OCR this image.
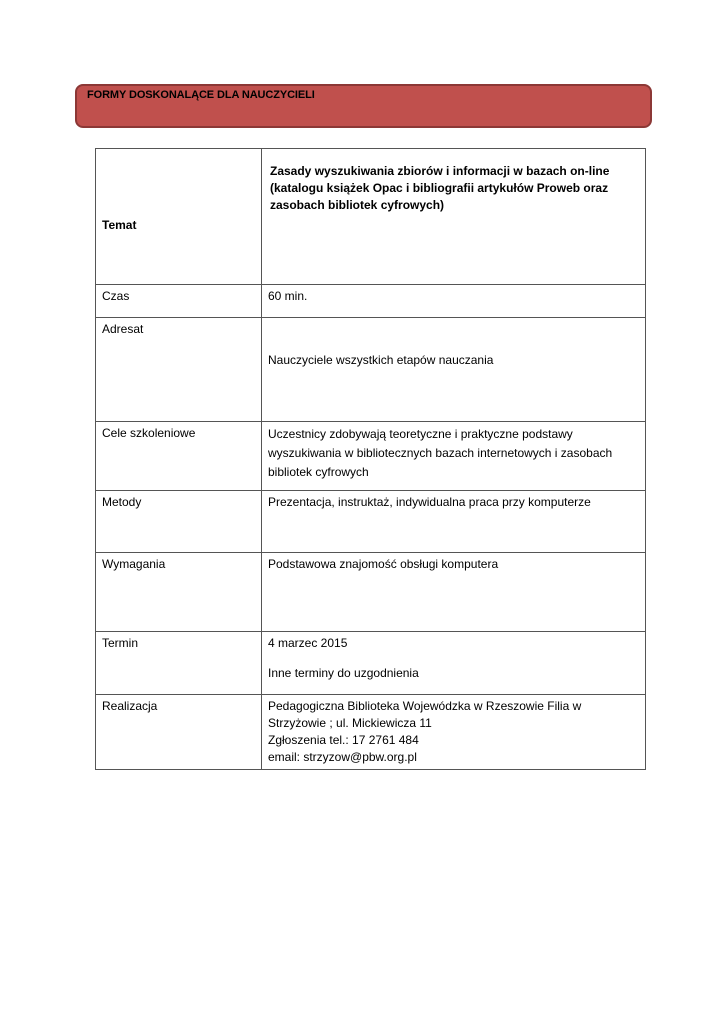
FORMY DOSKONALĄCE DLA NAUCZYCIELI
Temat	Zasady wyszukiwania zbiorów i informacji w bazach on-line (katalogu książek Opac i bibliografii artykułów Proweb oraz zasobach bibliotek cyfrowych)
Czas	60 min.
Adresat	Nauczyciele wszystkich etapów nauczania
Cele szkoleniowe	Uczestnicy zdobywają teoretyczne i praktyczne podstawy wyszukiwania w bibliotecznych bazach internetowych i zasobach bibliotek cyfrowych
Metody	Prezentacja, instruktaż, indywidualna praca przy komputerze
Wymagania	Podstawowa znajomość obsługi komputera
Termin	4 marzec 2015
Inne terminy do uzgodnienia

Realizacja	Pedagogiczna Biblioteka Wojewódzka w Rzeszowie Filia w Strzyżowie ; ul. Mickiewicza 11
Zgłoszenia tel.: 17 2761 484
email: strzyzow@pbw.org.pl
